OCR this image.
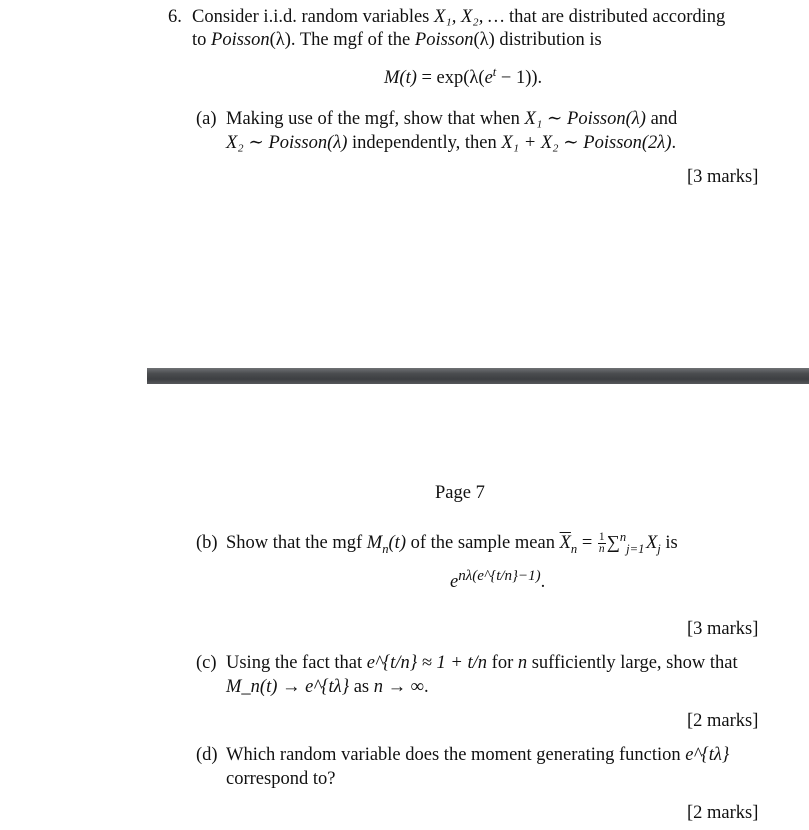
6. Consider i.i.d. random variables X₁, X₂, … that are distributed according
to Poisson(λ). The mgf of the Poisson(λ) distribution is
$M(t) = \exp(\lambda(e^t - 1))$.
(a) Making use of the mgf, show that when X₁ ∼ Poisson(λ) and
X₂ ∼ Poisson(λ) independently, then X₁ + X₂ ∼ Poisson(2λ).
[3 marks]
Page 7
(b) Show that the mgf $M_n(t)$ of the sample mean $\overline{X}_n = \frac{1}{n} \sum^n_{j=1}$ $X_j$ is
$e^{n\lambda(e\^{}\{t/n\}-1)}$.
[3 marks]
(c) Using the fact that e^{t/n} ≈ 1 + t/n for n sufficiently large, show that
M_n(t) → e^{tλ} as n → ∞.
[2 marks]
(d) Which random variable does the moment generating function e^{tλ}
correspond to?
[2 marks]
